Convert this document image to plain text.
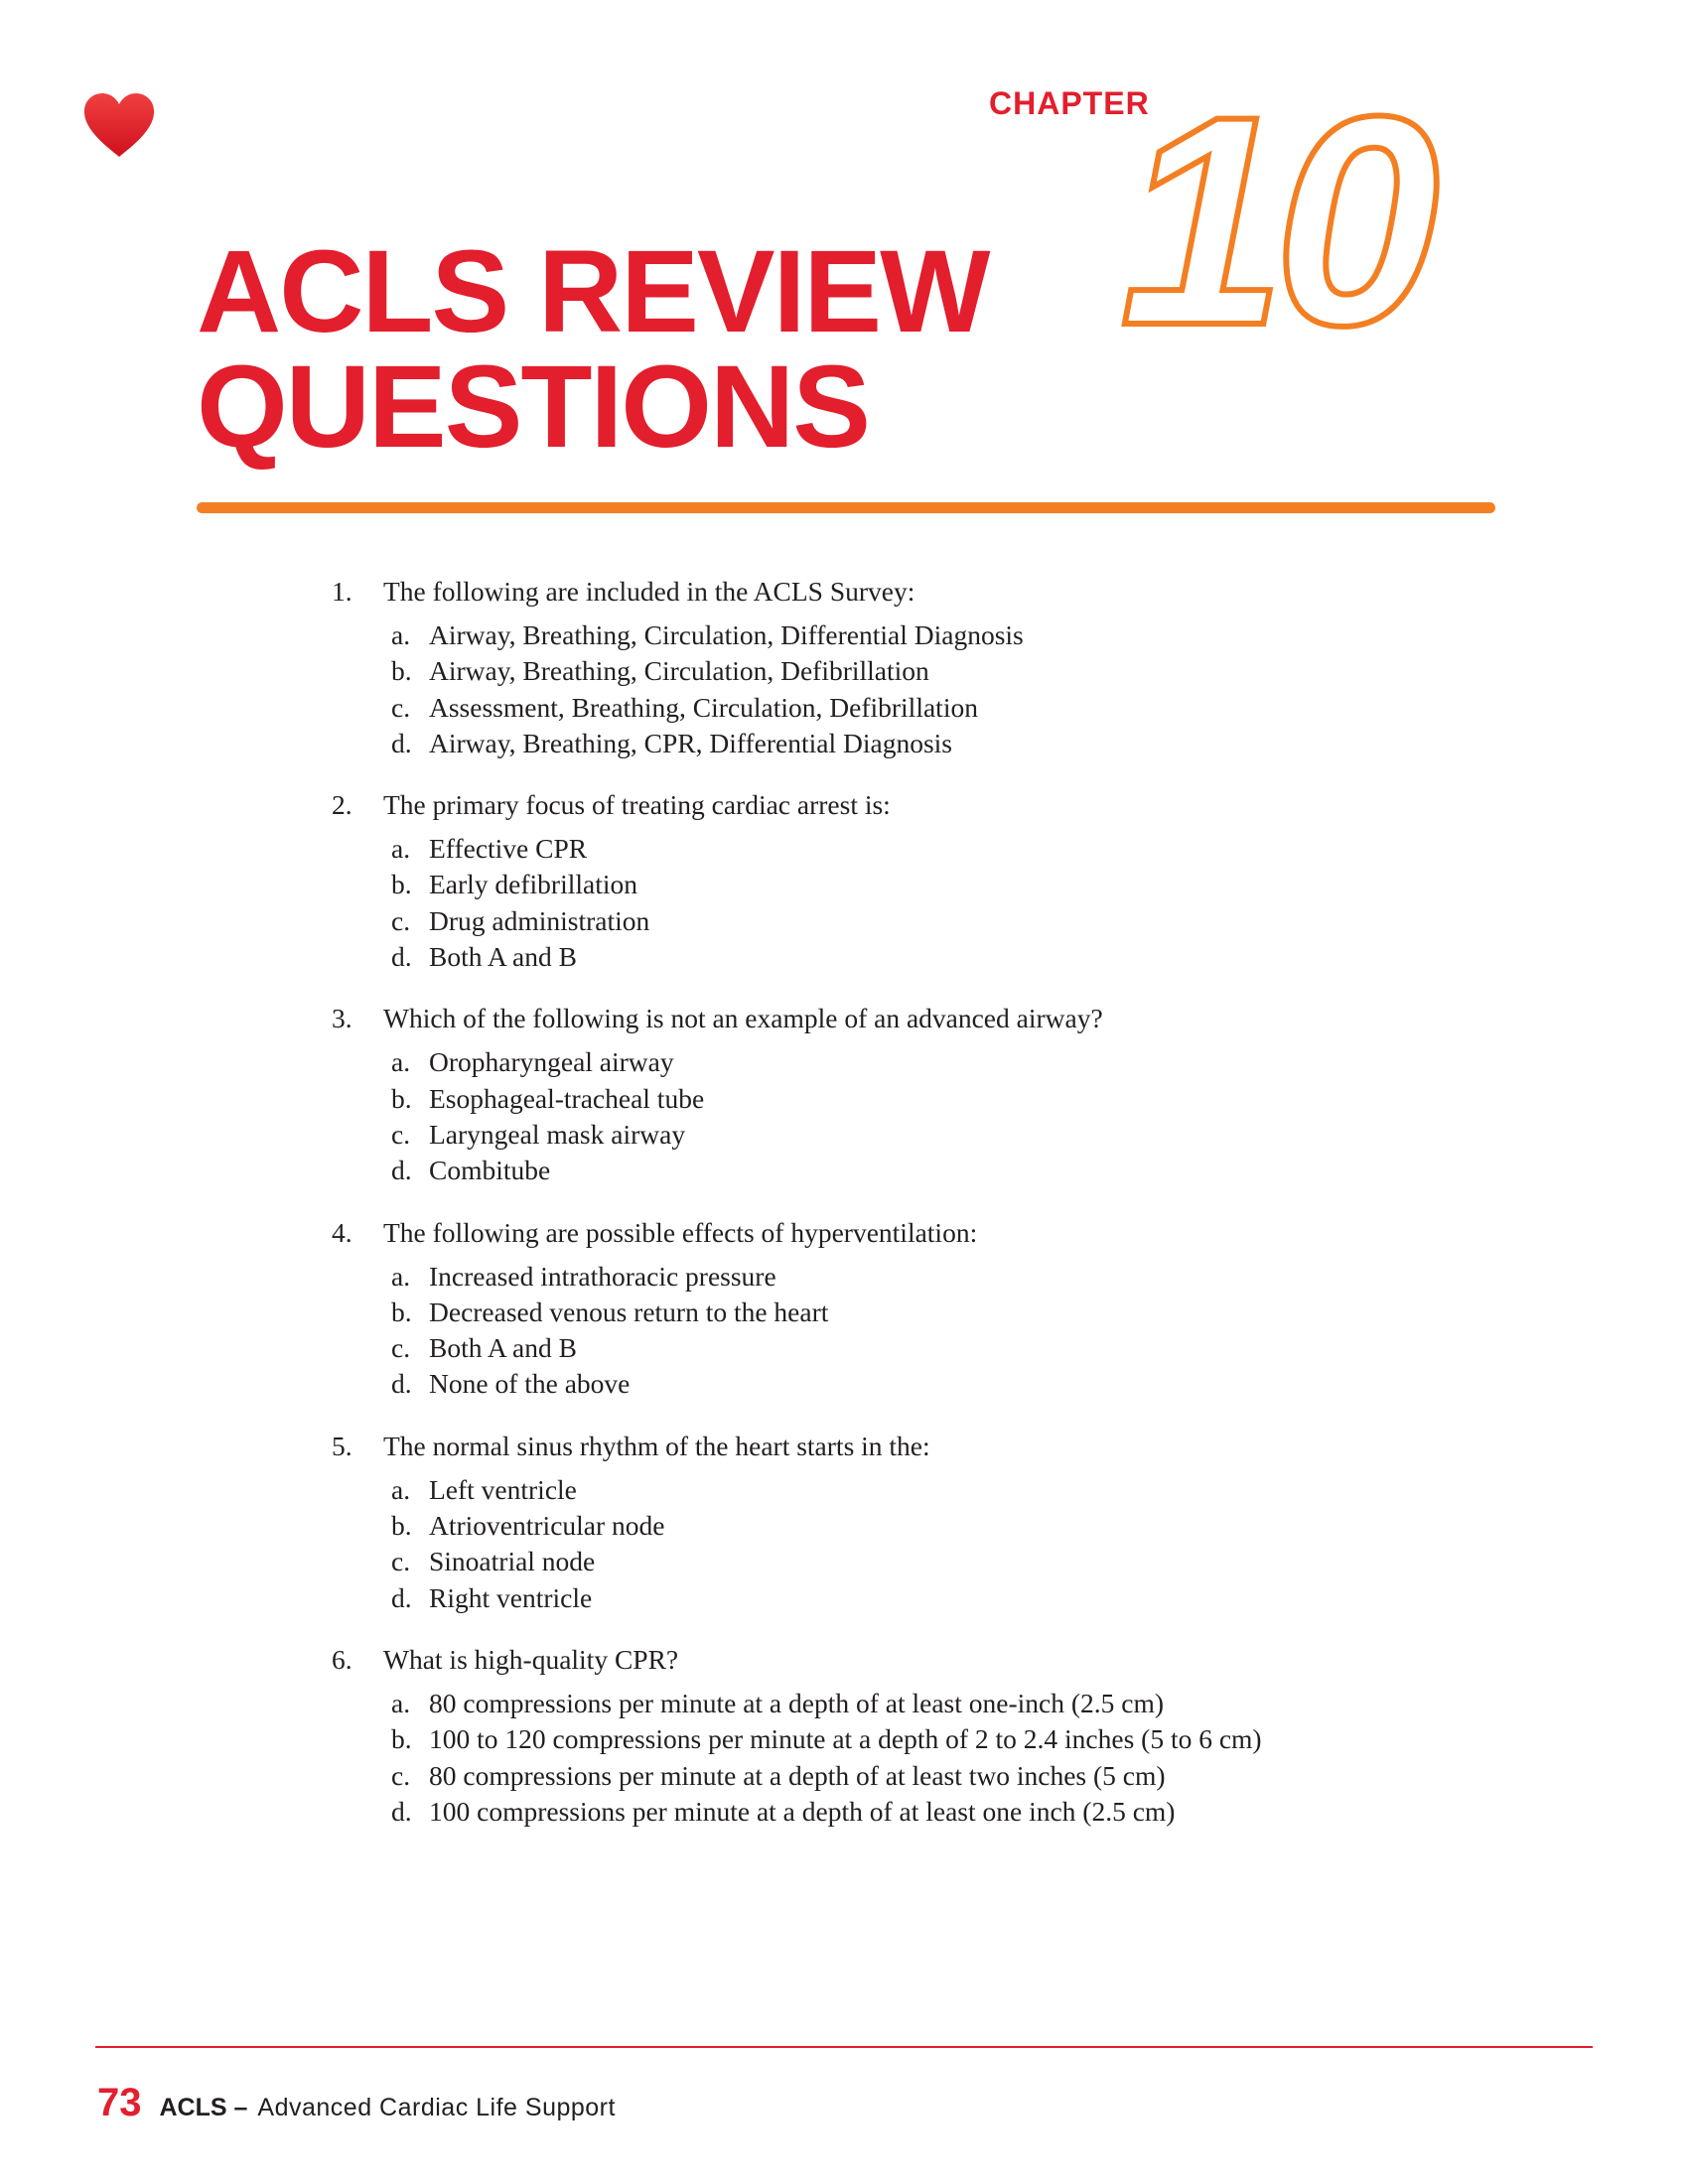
CHAPTER
10
ACLS REVIEW
QUESTIONS
1.	The following are included in the ACLS Survey:
a. Airway, Breathing, Circulation, Differential Diagnosis
b. Airway, Breathing, Circulation, Defibrillation
c. Assessment, Breathing, Circulation, Defibrillation
d. Airway, Breathing, CPR, Differential Diagnosis
2.	The primary focus of treating cardiac arrest is:
a. Effective CPR
b. Early defibrillation
c. Drug administration
d. Both A and B
3.	Which of the following is not an example of an advanced airway?
a. Oropharyngeal airway
b. Esophageal-tracheal tube
c. Laryngeal mask airway
d. Combitube
4.	The following are possible effects of hyperventilation:
a. Increased intrathoracic pressure
b. Decreased venous return to the heart
c. Both A and B
d. None of the above
5.	The normal sinus rhythm of the heart starts in the:
a. Left ventricle
b. Atrioventricular node
c. Sinoatrial node
d. Right ventricle
6.	What is high-quality CPR?
a. 80 compressions per minute at a depth of at least one-inch (2.5 cm)
b. 100 to 120 compressions per minute at a depth of 2 to 2.4 inches (5 to 6 cm)
c. 80 compressions per minute at a depth of at least two inches (5 cm)
d. 100 compressions per minute at a depth of at least one inch (2.5 cm)
73 ACLS – Advanced Cardiac Life Support
